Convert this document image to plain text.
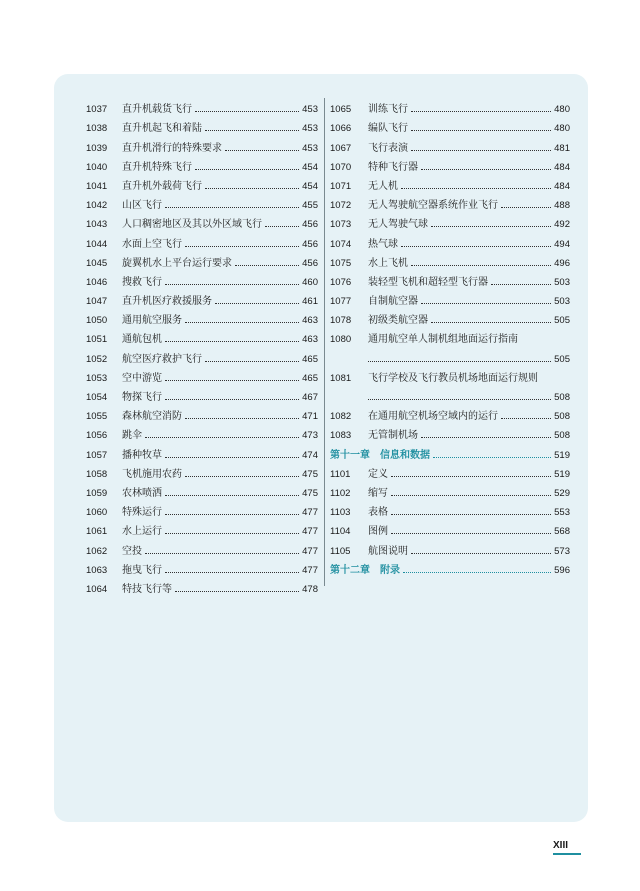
1037	直升机载货飞行	453
1038	直升机起飞和着陆	453
1039	直升机滑行的特殊要求	453
1040	直升机特殊飞行	454
1041	直升机外载荷飞行	454
1042	山区飞行	455
1043	人口稠密地区及其以外区域飞行	456
1044	水面上空飞行	456
1045	旋翼机水上平台运行要求	456
1046	搜救飞行	460
1047	直升机医疗救援服务	461
1050	通用航空服务	463
1051	通航包机	463
1052	航空医疗救护飞行	465
1053	空中游览	465
1054	物探飞行	467
1055	森林航空消防	471
1056	跳伞	473
1057	播种牧草	474
1058	飞机施用农药	475
1059	农林喷洒	475
1060	特殊运行	477
1061	水上运行	477
1062	空投	477
1063	拖曳飞行	477
1064	特技飞行等	478
1065	训练飞行	480
1066	编队飞行	480
1067	飞行表演	481
1070	特种飞行器	484
1071	无人机	484
1072	无人驾驶航空器系统作业飞行	488
1073	无人驾驶气球	492
1074	热气球	494
1075	水上飞机	496
1076	装轻型飞机和超轻型飞行器	503
1077	自制航空器	503
1078	初级类航空器	505
1080	通用航空单人制机组地面运行指南
505
1081	飞行学校及飞行教员机场地面运行规则
508
1082	在通用航空机场空域内的运行	508
1083	无管制机场	508
第十一章　信息和数据	519
1101	定义	519
1102	缩写	529
1103	表格	553
1104	图例	568
1105	航图说明	573
第十二章　附录	596
XIII
